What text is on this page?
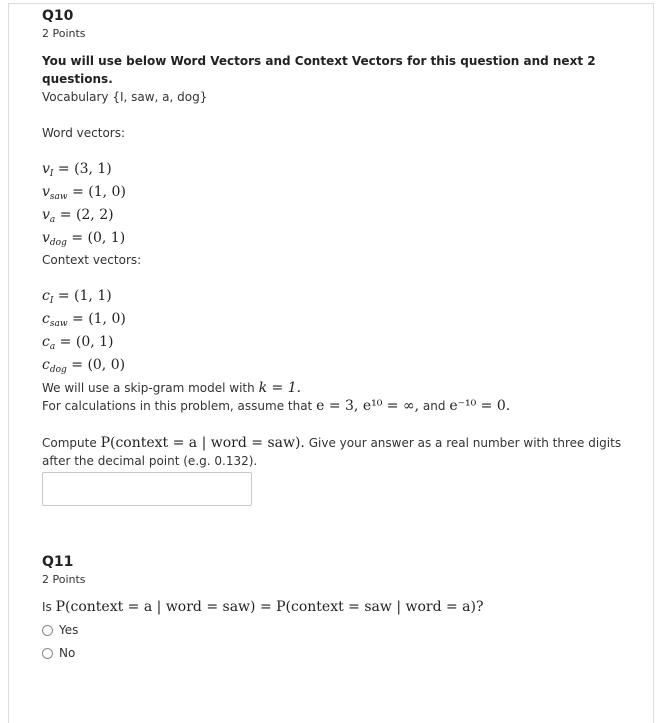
Q10
2 Points
You will use below Word Vectors and Context Vectors for this question and next 2 questions.
Vocabulary {I, saw, a, dog}
Word vectors:
$v_I = (3$, 1)
$v_{saw} = (1$, 0)
$v_a = (2$, 2)
$v_{dog} = (0$, 1)
Context vectors:
$c_I = (1$, 1)
$c_{saw} = (1$, 0)
$c_a = (0$, 1)
$c_{dog} = (0$, 0)
We will use a skip-gram model with k = 1.
For calculations in this problem, assume that e = 3, e¹⁰ = ∞, and e⁻¹⁰ = 0.
Compute P(context = a | word = saw). Give your answer as a real number with three digits
after the decimal point (e.g. 0.132).
Q11
2 Points
Is P(context = a | word = saw) = P(context = saw | word = a)?
Yes
No
